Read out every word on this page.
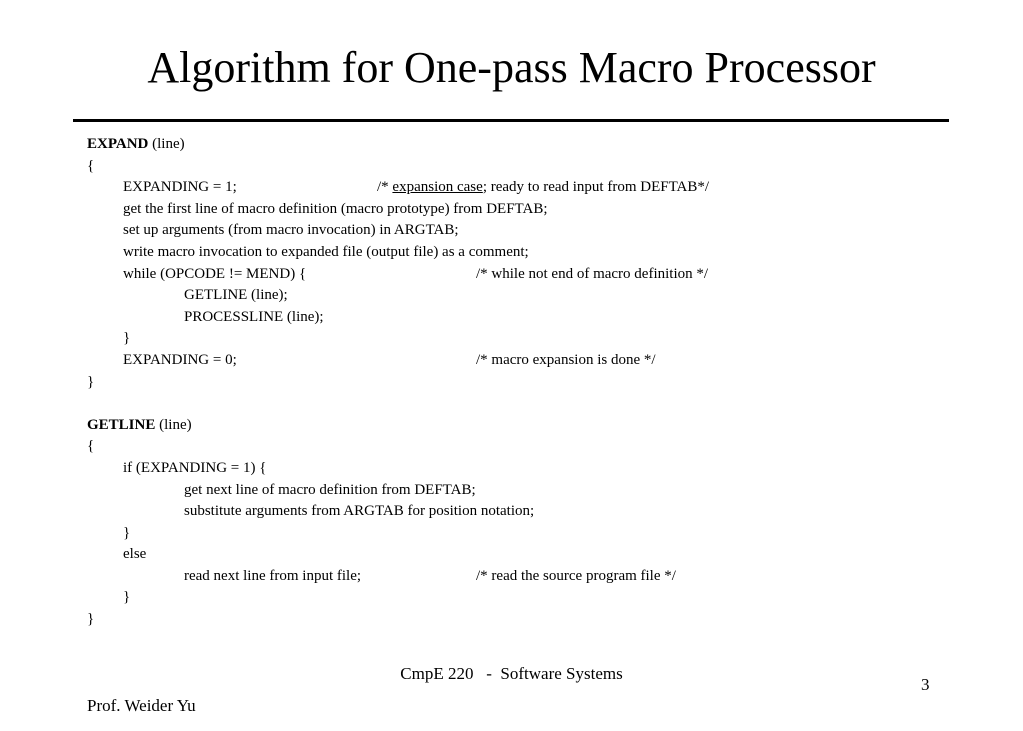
Algorithm for One-pass Macro Processor

EXPAND (line)

{

EXPANDING = 1;

	/* expansion case; ready to read input from DEFTAB*/

get the first line of macro definition (macro prototype) from DEFTAB;

set up arguments (from macro invocation) in ARGTAB;

write macro invocation to expanded file (output file) as a comment;

while (OPCODE != MEND) {

	/* while not end of macro definition */

GETLINE (line);

PROCESSLINE (line);

}

EXPANDING = 0;

	/* macro expansion is done */

}

GETLINE (line)

{

if (EXPANDING = 1) {

get next line of macro definition from DEFTAB;

substitute arguments from ARGTAB for position notation;

}

else

read next line from input file;

	/* read the source program file */

}

}

CmpE 220   -  Software Systems
3
Prof. Weider Yu
